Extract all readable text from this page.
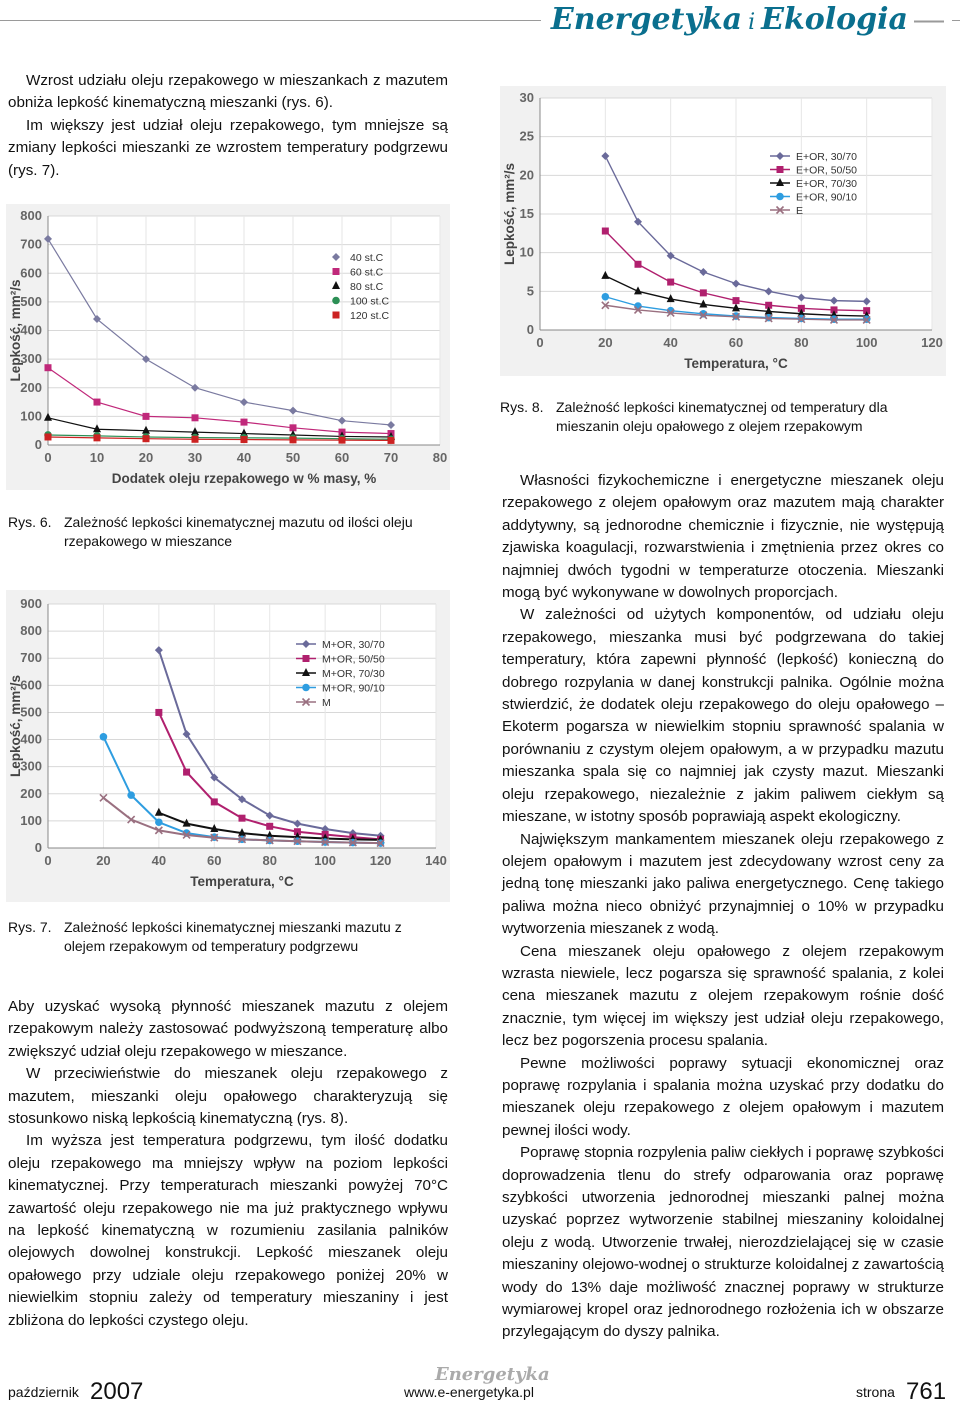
Energetyka i Ekologia —

Wzrost udziału oleju rzepakowego w mieszankach z mazutem obniża lepkość kinematyczną mieszanki (rys. 6).

Im większy jest udział oleju rzepakowego, tym mniejsze są zmiany lepkości mieszanki ze wzrostem temperatury podgrzewu (rys. 7).

0
100
200
300
400
500
600
700
800
0	10	20	30	40	50	60	70	80
Dodatek oleju rzepakowego w % masy, %
Lepkość, mm²/s
40 st.C
60 st.C
80 st.C
100 st.C
120 st.C
Rys. 6. Zależność lepkości kinematycznej mazutu od ilości oleju rzepakowego w mieszance
0
100
200
300
400
500
600
700
800
900
0	20	40	60	80	100	120	140
Temperatura, °C
Lepkość, mm²/s
M+OR, 30/70
M+OR, 50/50
M+OR, 70/30
M+OR, 90/10
M
Rys. 7. Zależność lepkości kinematycznej mieszanki mazutu z olejem rzepakowym od temperatury podgrzewu

Aby uzyskać wysoką płynność mieszanek mazutu z olejem rzepakowym należy zastosować podwyższoną temperaturę albo zwiększyć udział oleju rzepakowego w mieszance.

W przeciwieństwie do mieszanek oleju rzepakowego z mazutem, mieszanki oleju opałowego charakteryzują się stosunkowo niską lepkością kinematyczną (rys. 8).

Im wyższa jest temperatura podgrzewu, tym ilość dodatku oleju rzepakowego ma mniejszy wpływ na poziom lepkości kinematycznej. Przy temperaturach mieszanki powyżej 70°C zawartość oleju rzepakowego nie ma już praktycznego wpływu na lepkość kinematyczną w rozumieniu zasilania palników olejowych dowolnej konstrukcji. Lepkość mieszanek oleju opałowego przy udziale oleju rzepakowego poniżej 20% w niewielkim stopniu zależy od temperatury mieszaniny i jest zbliżona do lepkości czystego oleju.

0
5
10
15
20
25
30
0	20	40	60	80	100	120
Temperatura, °C
Lepkość, mm²/s
E+OR, 30/70
E+OR, 50/50
E+OR, 70/30
E+OR, 90/10
E
Rys. 8. Zależność lepkości kinematycznej od temperatury dla mieszanin oleju opałowego z olejem rzepakowym

Własności fizykochemiczne i energetyczne mieszanek oleju rzepakowego z olejem opałowym oraz mazutem mają charakter addytywny, są jednorodne chemicznie i fizycznie, nie występują zjawiska koagulacji, rozwarstwienia i zmętnienia przez okres co najmniej dwóch tygodni w temperaturze otoczenia. Mieszanki mogą być wykonywane w dowolnych proporcjach.

W zależności od użytych komponentów, od udziału oleju rzepakowego, mieszanka musi być podgrzewana do takiej temperatury, która zapewni płynność (lepkość) konieczną do dobrego rozpylania w danej konstrukcji palnika. Ogólnie można stwierdzić, że dodatek oleju rzepakowego do oleju opałowego – Ekoterm pogarsza w niewielkim stopniu sprawność spalania w porównaniu z czystym olejem opałowym, a w przypadku mazutu mieszanka spala się co najmniej jak czysty mazut. Mieszanki oleju rzepakowego, niezależnie z jakim paliwem ciekłym są mieszane, w istotny sposób poprawiają aspekt ekologiczny.

Największym mankamentem mieszanek oleju rzepakowego z olejem opałowym i mazutem jest zdecydowany wzrost ceny za jedną tonę mieszanki jako paliwa energetycznego. Cenę takiego paliwa można nieco obniżyć przynajmniej o 10% w przypadku wytworzenia mieszanek z wodą.

Cena mieszanek oleju opałowego z olejem rzepakowym wzrasta niewiele, lecz pogarsza się sprawność spalania, z kolei cena mieszanek mazutu z olejem rzepakowym rośnie dość znacznie, tym więcej im większy jest udział oleju rzepakowego, lecz bez pogorszenia procesu spalania.

Pewne możliwości poprawy sytuacji ekonomicznej oraz poprawę rozpylania i spalania można uzyskać przy dodatku do mieszanek oleju rzepakowego z olejem opałowym i mazutem pewnej ilości wody.

Poprawę stopnia rozpylenia paliw ciekłych i poprawę szybkości doprowadzenia tlenu do strefy odparowania oraz poprawę szybkości utworzenia jednorodnej mieszanki palnej można uzyskać poprzez wytworzenie stabilnej mieszaniny koloidalnej oleju z wodą. Utworzenie trwałej, nierozdzielającej się w czasie mieszaniny olejowo-wodnej o strukturze koloidalnej z zawartością wody do 13% daje możliwość znacznej poprawy w strukturze wymiarowej kropel oraz jednorodnego rozłożenia ich w obszarze przylegającym do dyszy palnika.

Energetyka
październik 2007	www.e-energetyka.pl	strona 761
